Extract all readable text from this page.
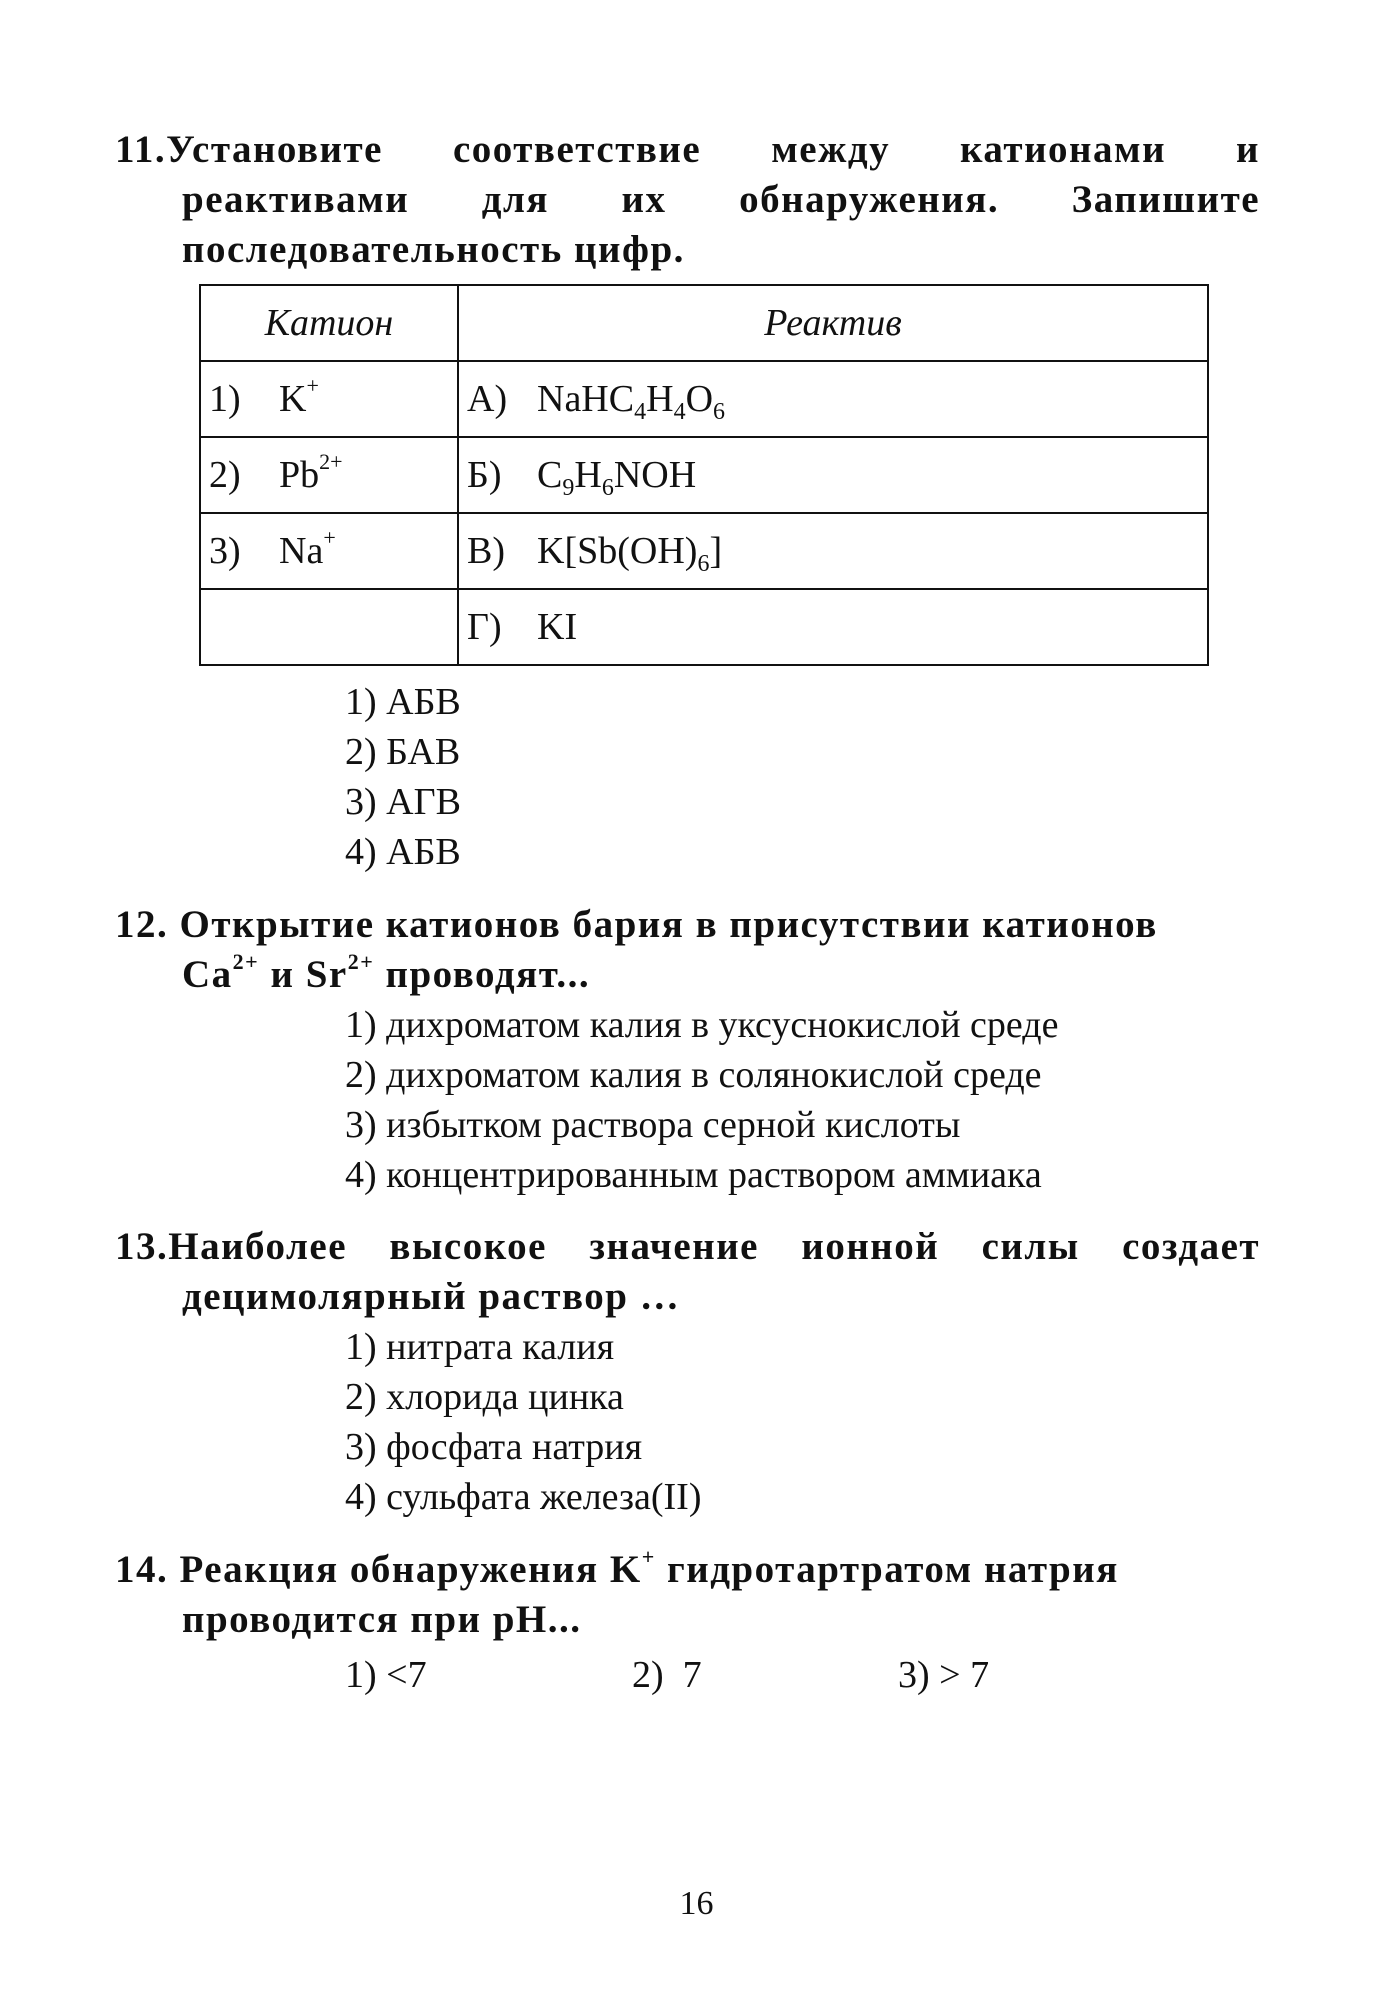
11.Установите соответствие между катионами и
реактивами для их обнаружения. Запишите
последовательность цифр.
Катион	Реактив
1) K+	А) $NaHC_4H_4O_6$
2) $Pb^{2+}$	Б) $C_9H_6NOH$
3) Na+	В) $K[Sb(OH)_6]$
	Г) KI
1) АБВ
2) БАВ
3) АГВ
4) АБВ
12. Открытие катионов бария в присутствии катионов
$Ca^{2+}$ и $Sr^{2+}$ проводят...
1) дихроматом калия в уксуснокислой среде
2) дихроматом калия в солянокислой среде
3) избытком раствора серной кислоты
4) концентрированным раствором аммиака
13.Наиболее высокое значение ионной силы создает
децимолярный раствор …
1) нитрата калия
2) хлорида цинка
3) фосфата натрия
4) сульфата железа(II)
14. Реакция обнаружения K+ гидротартратом натрия
проводится при pH...
1) <7	2)  7	3) > 7
16
